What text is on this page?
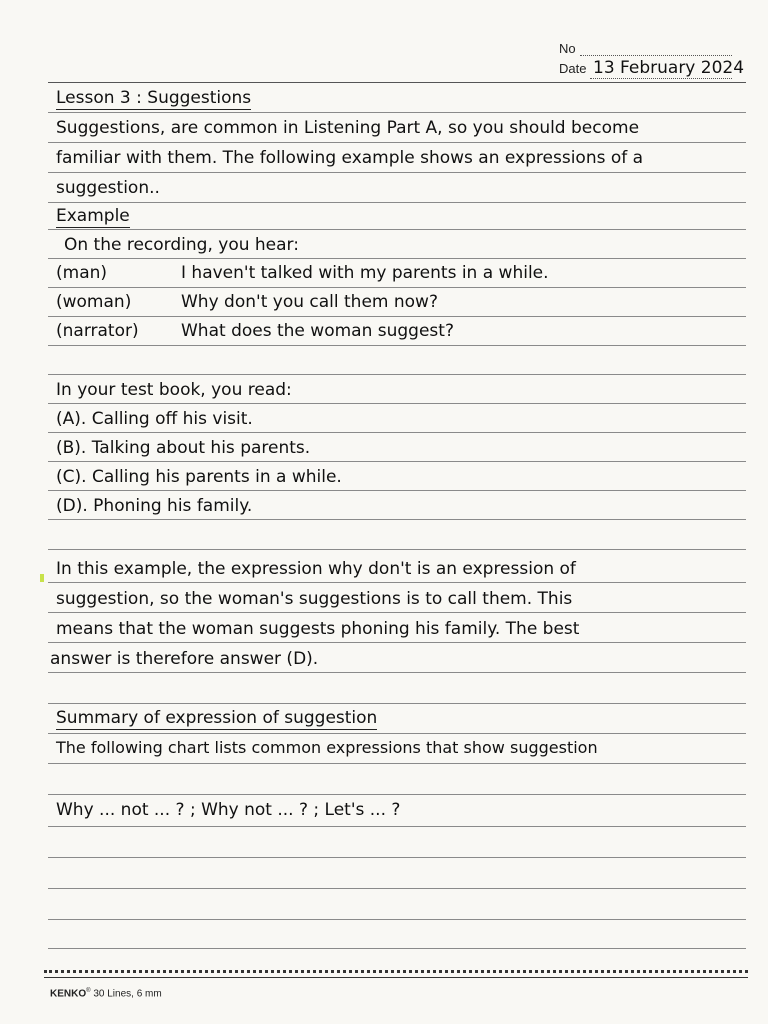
No
Date 13 February 2024
Lesson 3 : Suggestions
Suggestions, are common in Listening Part A, so you should become
familiar with them. The following example shows an expressions of a
suggestion..
Example
On the recording, you hear:
(man)	I haven't talked with my parents in a while.
(woman)	Why don't you call them now?
(narrator) What does the woman suggest?
In your test book, you read:
(A). Calling off his visit.
(B). Talking about his parents.
(C). Calling his parents in a while.
(D). Phoning his family.
In this example, the expression why don't is an expression of
suggestion, so the woman's suggestions is to call them. This
means that the woman suggests phoning his family. The best
answer is therefore answer (D).
Summary of expression of suggestion
The following chart lists common expressions that show suggestion
Why ... not ... ? ; Why not ... ? ; Let's ... ?
KENKO® 30 Lines, 6 mm
